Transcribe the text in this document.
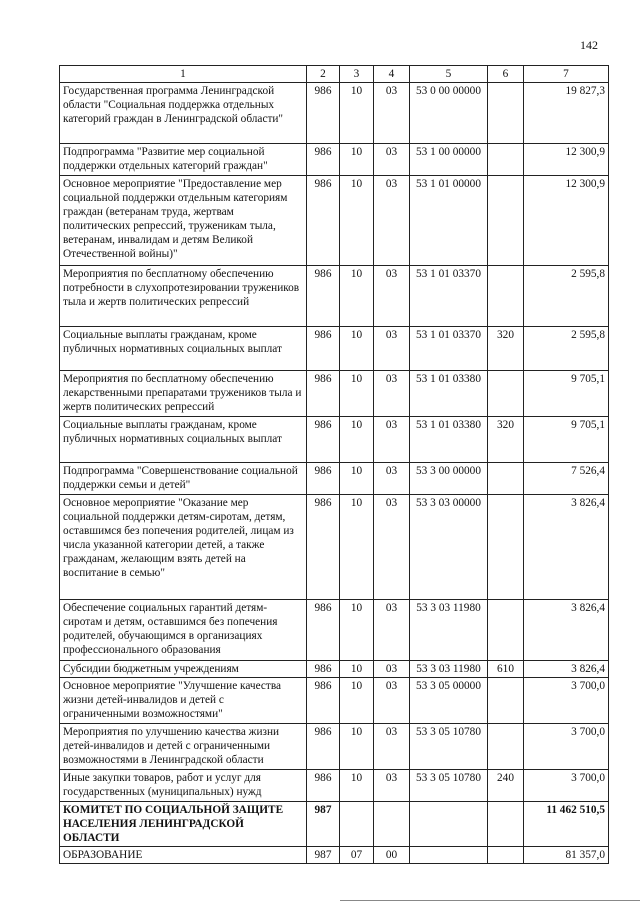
142
1	2	3	4	5	6	7
Государственная программа Ленинградской области "Социальная поддержка отдельных категорий граждан в Ленинградской области"	986	10	03	53 0 00 00000		19 827,3
Подпрограмма "Развитие мер социальной поддержки отдельных категорий граждан"	986	10	03	53 1 00 00000		12 300,9
Основное мероприятие "Предоставление мер социальной поддержки отдельным категориям граждан (ветеранам труда, жертвам политических репрессий, труженикам тыла, ветеранам, инвалидам и детям Великой Отечественной войны)"	986	10	03	53 1 01 00000		12 300,9
Мероприятия по бесплатному обеспечению потребности в слухопротезировании тружеников тыла и жертв политических репрессий	986	10	03	53 1 01 03370		2 595,8
Социальные выплаты гражданам, кроме публичных нормативных социальных выплат	986	10	03	53 1 01 03370	320	2 595,8
Мероприятия по бесплатному обеспечению лекарственными препаратами тружеников тыла и жертв политических репрессий	986	10	03	53 1 01 03380		9 705,1
Социальные выплаты гражданам, кроме публичных нормативных социальных выплат	986	10	03	53 1 01 03380	320	9 705,1
Подпрограмма "Совершенствование социальной поддержки семьи и детей"	986	10	03	53 3 00 00000		7 526,4
Основное мероприятие "Оказание мер социальной поддержки детям-сиротам, детям, оставшимся без попечения родителей, лицам из числа указанной категории детей, а также гражданам, желающим взять детей на воспитание в семью"	986	10	03	53 3 03 00000		3 826,4
Обеспечение социальных гарантий детям-сиротам и детям, оставшимся без попечения родителей, обучающимся в организациях профессионального образования	986	10	03	53 3 03 11980		3 826,4
Субсидии бюджетным учреждениям	986	10	03	53 3 03 11980	610	3 826,4
Основное мероприятие "Улучшение качества жизни детей-инвалидов и детей с ограниченными возможностями"	986	10	03	53 3 05 00000		3 700,0
Мероприятия по улучшению качества жизни детей-инвалидов и детей с ограниченными возможностями в Ленинградской области	986	10	03	53 3 05 10780		3 700,0
Иные закупки товаров, работ и услуг для государственных (муниципальных) нужд	986	10	03	53 3 05 10780	240	3 700,0
КОМИТЕТ ПО СОЦИАЛЬНОЙ ЗАЩИТЕ НАСЕЛЕНИЯ ЛЕНИНГРАДСКОЙ ОБЛАСТИ	987					11 462 510,5
ОБРАЗОВАНИЕ	987	07	00			81 357,0
